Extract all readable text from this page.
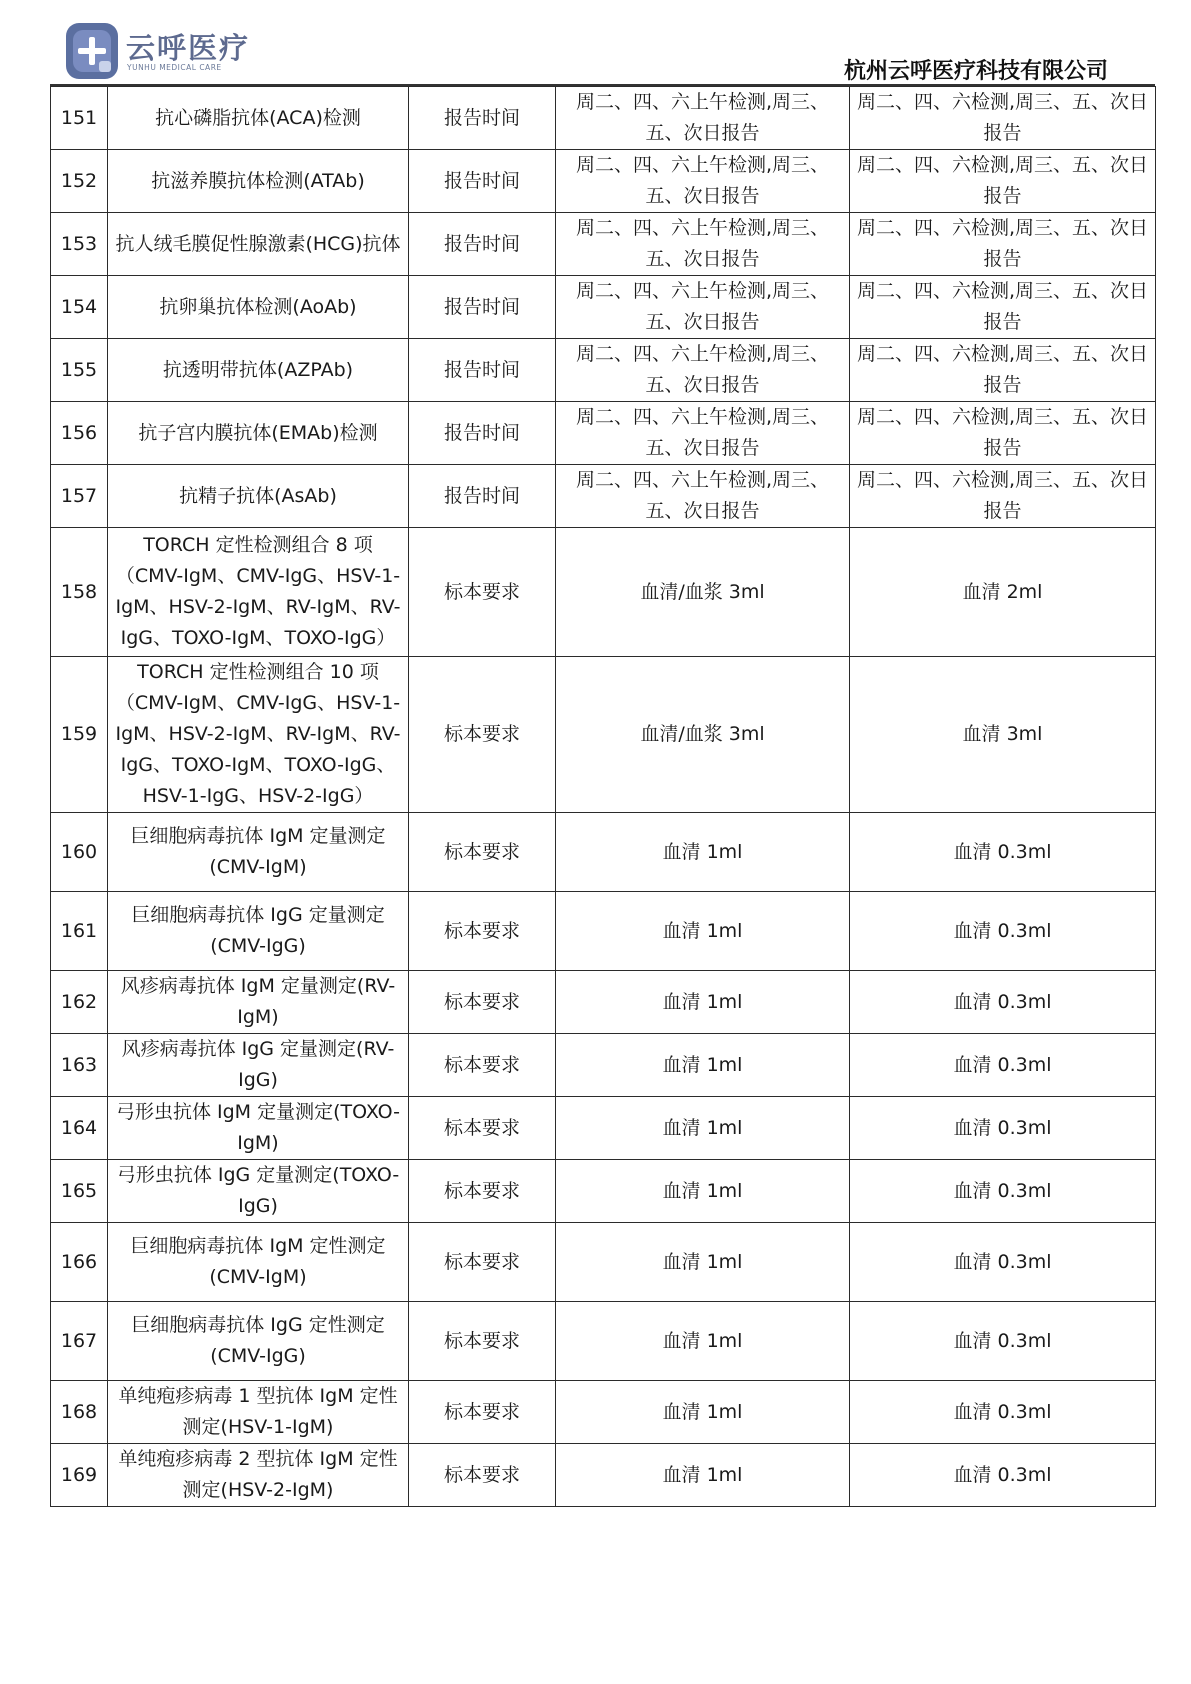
云呼医疗
YUNHU MEDICAL CARE	杭州云呼医疗科技有限公司
151	抗心磷脂抗体(ACA)检测	报告时间	周二、四、六上午检测,周三、五、次日报告	周二、四、六检测,周三、五、次日报告
152	抗滋养膜抗体检测(ATAb)	报告时间	周二、四、六上午检测,周三、五、次日报告	周二、四、六检测,周三、五、次日报告
153	抗人绒毛膜促性腺激素(HCG)抗体	报告时间	周二、四、六上午检测,周三、五、次日报告	周二、四、六检测,周三、五、次日报告
154	抗卵巢抗体检测(AoAb)	报告时间	周二、四、六上午检测,周三、五、次日报告	周二、四、六检测,周三、五、次日报告
155	抗透明带抗体(AZPAb)	报告时间	周二、四、六上午检测,周三、五、次日报告	周二、四、六检测,周三、五、次日报告
156	抗子宫内膜抗体(EMAb)检测	报告时间	周二、四、六上午检测,周三、五、次日报告	周二、四、六检测,周三、五、次日报告
157	抗精子抗体(AsAb)	报告时间	周二、四、六上午检测,周三、五、次日报告	周二、四、六检测,周三、五、次日报告
158	TORCH 定性检测组合 8 项（CMV-IgM、CMV-IgG、HSV-1-IgM、HSV-2-IgM、RV-IgM、RV-IgG、TOXO-IgM、TOXO-IgG）	标本要求	血清/血浆 3ml	血清 2ml
159	TORCH 定性检测组合 10 项（CMV-IgM、CMV-IgG、HSV-1-IgM、HSV-2-IgM、RV-IgM、RV-IgG、TOXO-IgM、TOXO-IgG、HSV-1-IgG、HSV-2-IgG）	标本要求	血清/血浆 3ml	血清 3ml
160	巨细胞病毒抗体 IgM 定量测定(CMV-IgM)	标本要求	血清 1ml	血清 0.3ml
161	巨细胞病毒抗体 IgG 定量测定(CMV-IgG)	标本要求	血清 1ml	血清 0.3ml
162	风疹病毒抗体 IgM 定量测定(RV-IgM)	标本要求	血清 1ml	血清 0.3ml
163	风疹病毒抗体 IgG 定量测定(RV-IgG)	标本要求	血清 1ml	血清 0.3ml
164	弓形虫抗体 IgM 定量测定(TOXO-IgM)	标本要求	血清 1ml	血清 0.3ml
165	弓形虫抗体 IgG 定量测定(TOXO-IgG)	标本要求	血清 1ml	血清 0.3ml
166	巨细胞病毒抗体 IgM 定性测定(CMV-IgM)	标本要求	血清 1ml	血清 0.3ml
167	巨细胞病毒抗体 IgG 定性测定(CMV-IgG)	标本要求	血清 1ml	血清 0.3ml
168	单纯疱疹病毒 1 型抗体 IgM 定性测定(HSV-1-IgM)	标本要求	血清 1ml	血清 0.3ml
169	单纯疱疹病毒 2 型抗体 IgM 定性测定(HSV-2-IgM)	标本要求	血清 1ml	血清 0.3ml
